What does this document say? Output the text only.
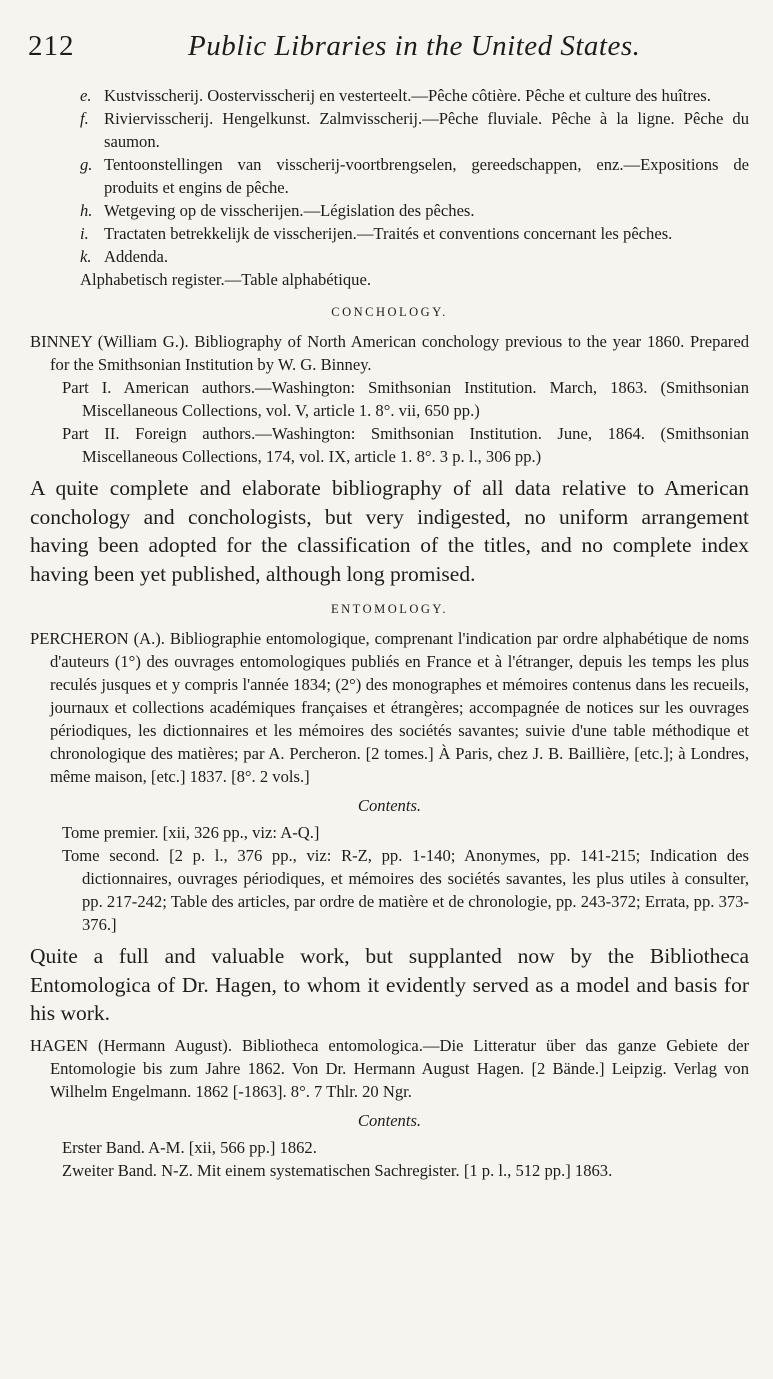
212	Public Libraries in the United States.
e. Kustvisscherij. Oostervisscherij en vesterteelt.—Pêche côtière. Pêche et culture des huîtres.
f. Riviervisscherij. Hengelkunst. Zalmvisscherij.—Pêche fluviale. Pêche à la ligne. Pêche du saumon.
g. Tentoonstellingen van visscherij-voortbrengselen, gereedschappen, enz.—Expositions de produits et engins de pêche.
h. Wetgeving op de visscherijen.—Législation des pêches.
i. Tractaten betrekkelijk de visscherijen.—Traités et conventions concernant les pêches.
k. Addenda.
Alphabetisch register.—Table alphabétique.
CONCHOLOGY.
BINNEY (William G.). Bibliography of North American conchology previous to the year 1860. Prepared for the Smithsonian Institution by W. G. Binney.
Part I. American authors.—Washington: Smithsonian Institution. March, 1863. (Smithsonian Miscellaneous Collections, vol. V, article 1. 8°. vii, 650 pp.)
Part II. Foreign authors.—Washington: Smithsonian Institution. June, 1864. (Smithsonian Miscellaneous Collections, 174, vol. IX, article 1. 8°. 3 p. l., 306 pp.)
A quite complete and elaborate bibliography of all data relative to American conchology and conchologists, but very indigested, no uniform arrangement having been adopted for the classification of the titles, and no complete index having been yet published, although long promised.
ENTOMOLOGY.
PERCHERON (A.). Bibliographie entomologique, comprenant l'indication par ordre alphabétique de noms d'auteurs (1°) des ouvrages entomologiques publiés en France et à l'étranger, depuis les temps les plus reculés jusques et y compris l'année 1834; (2°) des monographes et mémoires contenus dans les recueils, journaux et collections académiques françaises et étrangères; accompagnée de notices sur les ouvrages périodiques, les dictionnaires et les mémoires des sociétés savantes; suivie d'une table méthodique et chronologique des matières; par A. Percheron. [2 tomes.] À Paris, chez J. B. Baillière, [etc.]; à Londres, même maison, [etc.] 1837. [8°. 2 vols.]
Contents.
Tome premier. [xii, 326 pp., viz: A-Q.]
Tome second. [2 p. l., 376 pp., viz: R-Z, pp. 1-140; Anonymes, pp. 141-215; Indication des dictionnaires, ouvrages périodiques, et mémoires des sociétés savantes, les plus utiles à consulter, pp. 217-242; Table des articles, par ordre de matière et de chronologie, pp. 243-372; Errata, pp. 373-376.]
Quite a full and valuable work, but supplanted now by the Bibliotheca Entomologica of Dr. Hagen, to whom it evidently served as a model and basis for his work.
HAGEN (Hermann August). Bibliotheca entomologica.—Die Litteratur über das ganze Gebiete der Entomologie bis zum Jahre 1862. Von Dr. Hermann August Hagen. [2 Bände.] Leipzig. Verlag von Wilhelm Engelmann. 1862 [-1863]. 8°. 7 Thlr. 20 Ngr.
Contents.
Erster Band. A-M. [xii, 566 pp.] 1862.
Zweiter Band. N-Z. Mit einem systematischen Sachregister. [1 p. l., 512 pp.] 1863.
